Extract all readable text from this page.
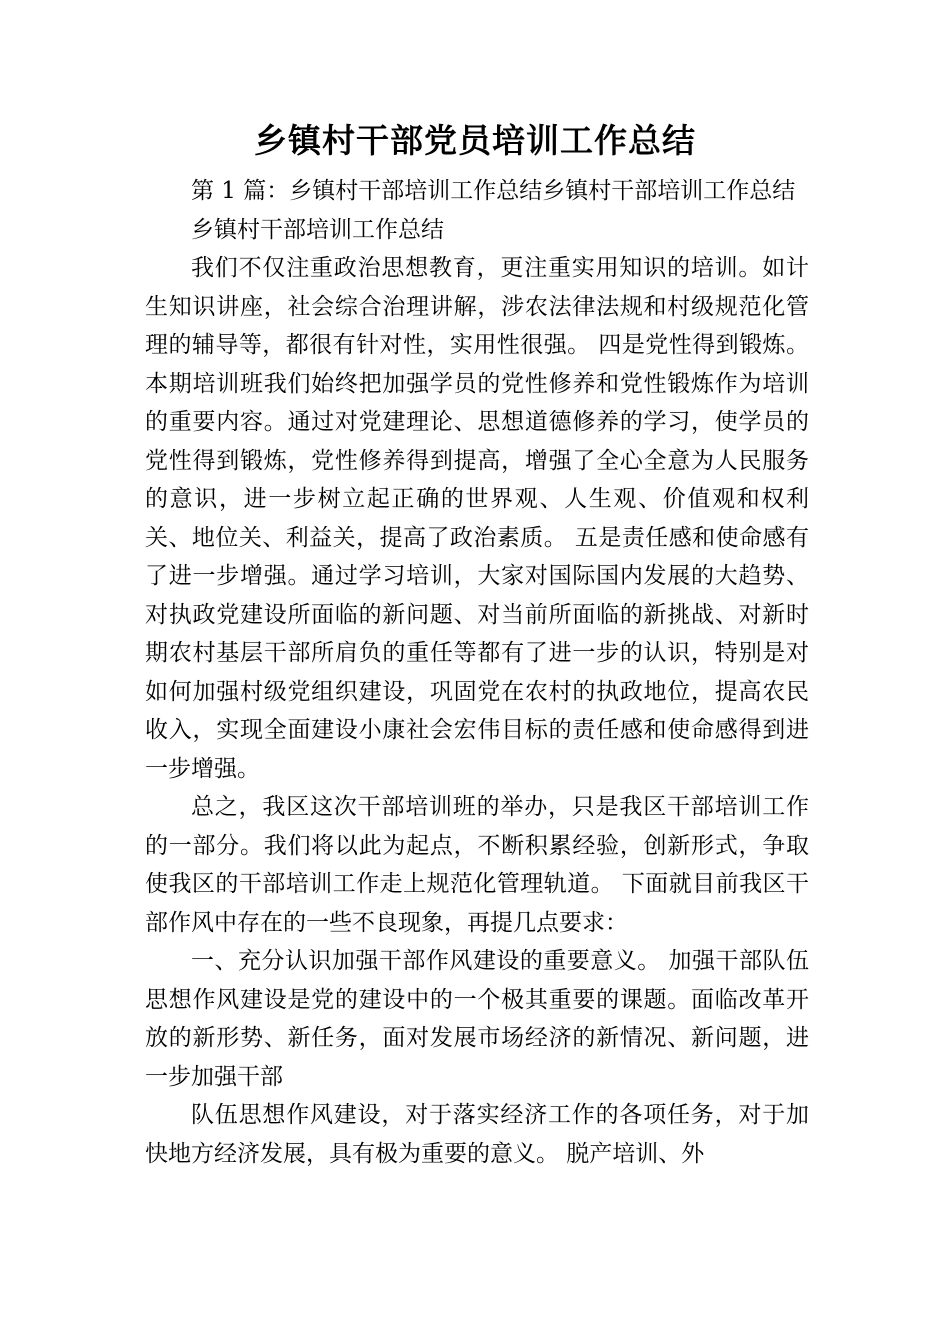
乡镇村干部党员培训工作总结

第 1 篇：乡镇村干部培训工作总结乡镇村干部培训工作总结

乡镇村干部培训工作总结

我们不仅注重政治思想教育，更注重实用知识的培训。如计生知识讲座，社会综合治理讲解，涉农法律法规和村级规范化管理的辅导等，都很有针对性，实用性很强。 四是党性得到锻炼。本期培训班我们始终把加强学员的党性修养和党性锻炼作为培训的重要内容。通过对党建理论、思想道德修养的学习，使学员的党性得到锻炼，党性修养得到提高，增强了全心全意为人民服务的意识，进一步树立起正确的世界观、人生观、价值观和权利关、地位关、利益关，提高了政治素质。 五是责任感和使命感有了进一步增强。通过学习培训，大家对国际国内发展的大趋势、对执政党建设所面临的新问题、对当前所面临的新挑战、对新时期农村基层干部所肩负的重任等都有了进一步的认识，特别是对如何加强村级党组织建设，巩固党在农村的执政地位，提高农民收入，实现全面建设小康社会宏伟目标的责任感和使命感得到进一步增强。

总之，我区这次干部培训班的举办，只是我区干部培训工作的一部分。我们将以此为起点，不断积累经验，创新形式，争取使我区的干部培训工作走上规范化管理轨道。 下面就目前我区干部作风中存在的一些不良现象，再提几点要求：

一、充分认识加强干部作风建设的重要意义。 加强干部队伍思想作风建设是党的建设中的一个极其重要的课题。面临改革开放的新形势、新任务，面对发展市场经济的新情况、新问题，进一步加强干部

队伍思想作风建设，对于落实经济工作的各项任务，对于加快地方经济发展，具有极为重要的意义。 脱产培训、外
